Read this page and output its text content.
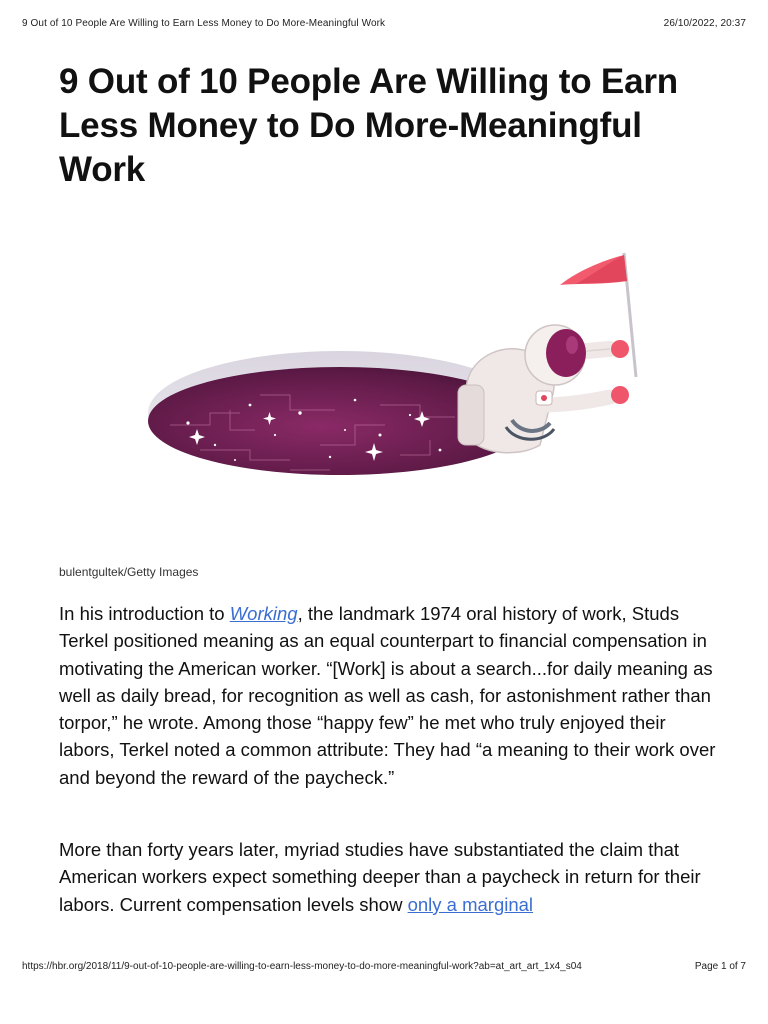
9 Out of 10 People Are Willing to Earn Less Money to Do More-Meaningful Work	26/10/2022, 20:37
9 Out of 10 People Are Willing to Earn Less Money to Do More-Meaningful Work
bulentgultek/Getty Images

In his introduction to Working, the landmark 1974 oral history of work, Studs Terkel positioned meaning as an equal counterpart to financial compensation in motivating the American worker. “[Work] is about a search...for daily meaning as well as daily bread, for recognition as well as cash, for astonishment rather than torpor,” he wrote. Among those “happy few” he met who truly enjoyed their labors, Terkel noted a common attribute: They had “a meaning to their work over and beyond the reward of the paycheck.”

More than forty years later, myriad studies have substantiated the claim that American workers expect something deeper than a paycheck in return for their labors. Current compensation levels show only a marginal

https://hbr.org/2018/11/9-out-of-10-people-are-willing-to-earn-less-money-to-do-more-meaningful-work?ab=at_art_art_1x4_s04	Page 1 of 7
